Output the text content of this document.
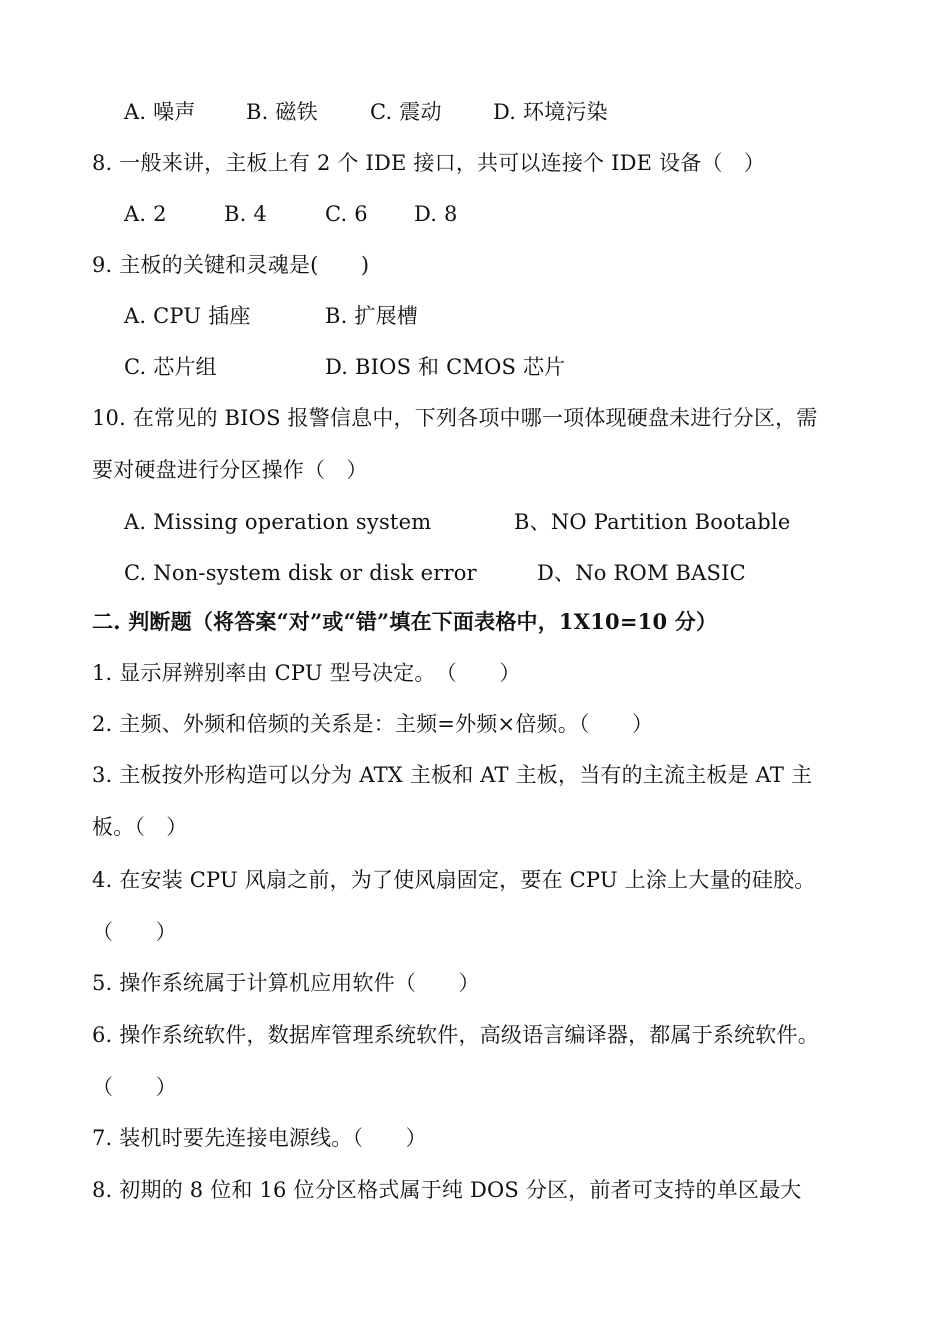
A. 噪声

B. 磁铁

C. 震动

D. 环境污染

8. 一般来讲，主板上有 2 个 IDE 接口，共可以连接个 IDE 设备（　）

A. 2

	B. 4

	C. 6

D. 8

9. 主板的关键和灵魂是(　　)

A. CPU 插座

	B. 扩展槽

C. 芯片组

	D. BIOS 和 CMOS 芯片

10. 在常见的 BIOS 报警信息中，下列各项中哪一项体现硬盘未进行分区，需
要对硬盘进行分区操作（　）

A. Missing operation system

	B、NO Partition Bootable

C. Non-system disk or disk error

	D、No ROM BASIC

二. 判断题（将答案“对”或“错”填在下面表格中，1X10=10 分）
1. 显示屏辨别率由 CPU 型号决定。　（　　）
2. 主频、外频和倍频的关系是：主频=外频×倍频。（　　）
3. 主板按外形构造可以分为 ATX 主板和 AT 主板，当有的主流主板是 AT 主
板。（　）
4. 在安装 CPU 风扇之前，为了使风扇固定，要在 CPU 上涂上大量的硅胶。
（　　）
5. 操作系统属于计算机应用软件（　　）
6. 操作系统软件，数据库管理系统软件，高级语言编译器，都属于系统软件。
（　　）
7. 装机时要先连接电源线。（　　）
8. 初期的 8 位和 16 位分区格式属于纯 DOS 分区，前者可支持的单区最大
